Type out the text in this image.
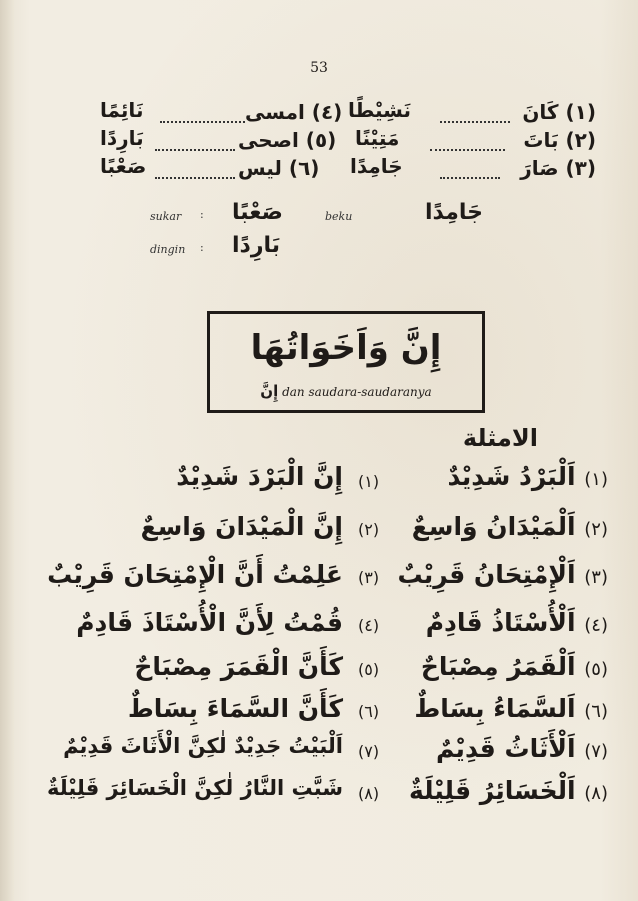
53
(١) كَانَ
نَشِيْطًا
(٤) امسى
نَائِمًا
(٢) بَاتَ
مَتِيْنًا
(٥) اصحى
بَارِدًا
(٣) صَارَ
جَامِدًا
(٦) ليس
صَعْبًا
sukar : صَعْبًا	beku	جَامِدًا
dingin : بَارِدًا
إِنَّ وَاَخَوَاتُهَا
إِنَّ dan saudara-saudaranya
الامثلة
(١) اَلْبَرْدُ شَدِيْدٌ
(١)
إِنَّ الْبَرْدَ شَدِيْدٌ
(٢) اَلْمَيْدَانُ وَاسِعٌ
(٢)
إِنَّ الْمَيْدَانَ وَاسِعٌ
(٣) اَلْإِمْتِحَانُ قَرِيْبٌ
(٣)
عَلِمْتُ أَنَّ الْإِمْتِحَانَ قَرِيْبٌ
(٤) اَلْأُسْتَاذُ قَادِمٌ
(٤)
قُمْتُ لِأَنَّ الْأُسْتَاذَ قَادِمٌ
(٥) اَلْقَمَرُ مِصْبَاحٌ
(٥)
كَأَنَّ الْقَمَرَ مِصْبَاحٌ
(٦) اَلسَّمَاءُ بِسَاطٌ
(٦)
كَأَنَّ السَّمَاءَ بِسَاطٌ
(٧) اَلْأَثَاثُ قَدِيْمٌ
(٧)
اَلْبَيْتُ جَدِيْدٌ لٰكِنَّ الْأَثَاثَ قَدِيْمٌ
(٨) اَلْخَسَائِرُ قَلِيْلَةٌ
(٨)
شَبَّتِ النَّارُ لٰكِنَّ الْخَسَائِرَ قَلِيْلَةٌ
